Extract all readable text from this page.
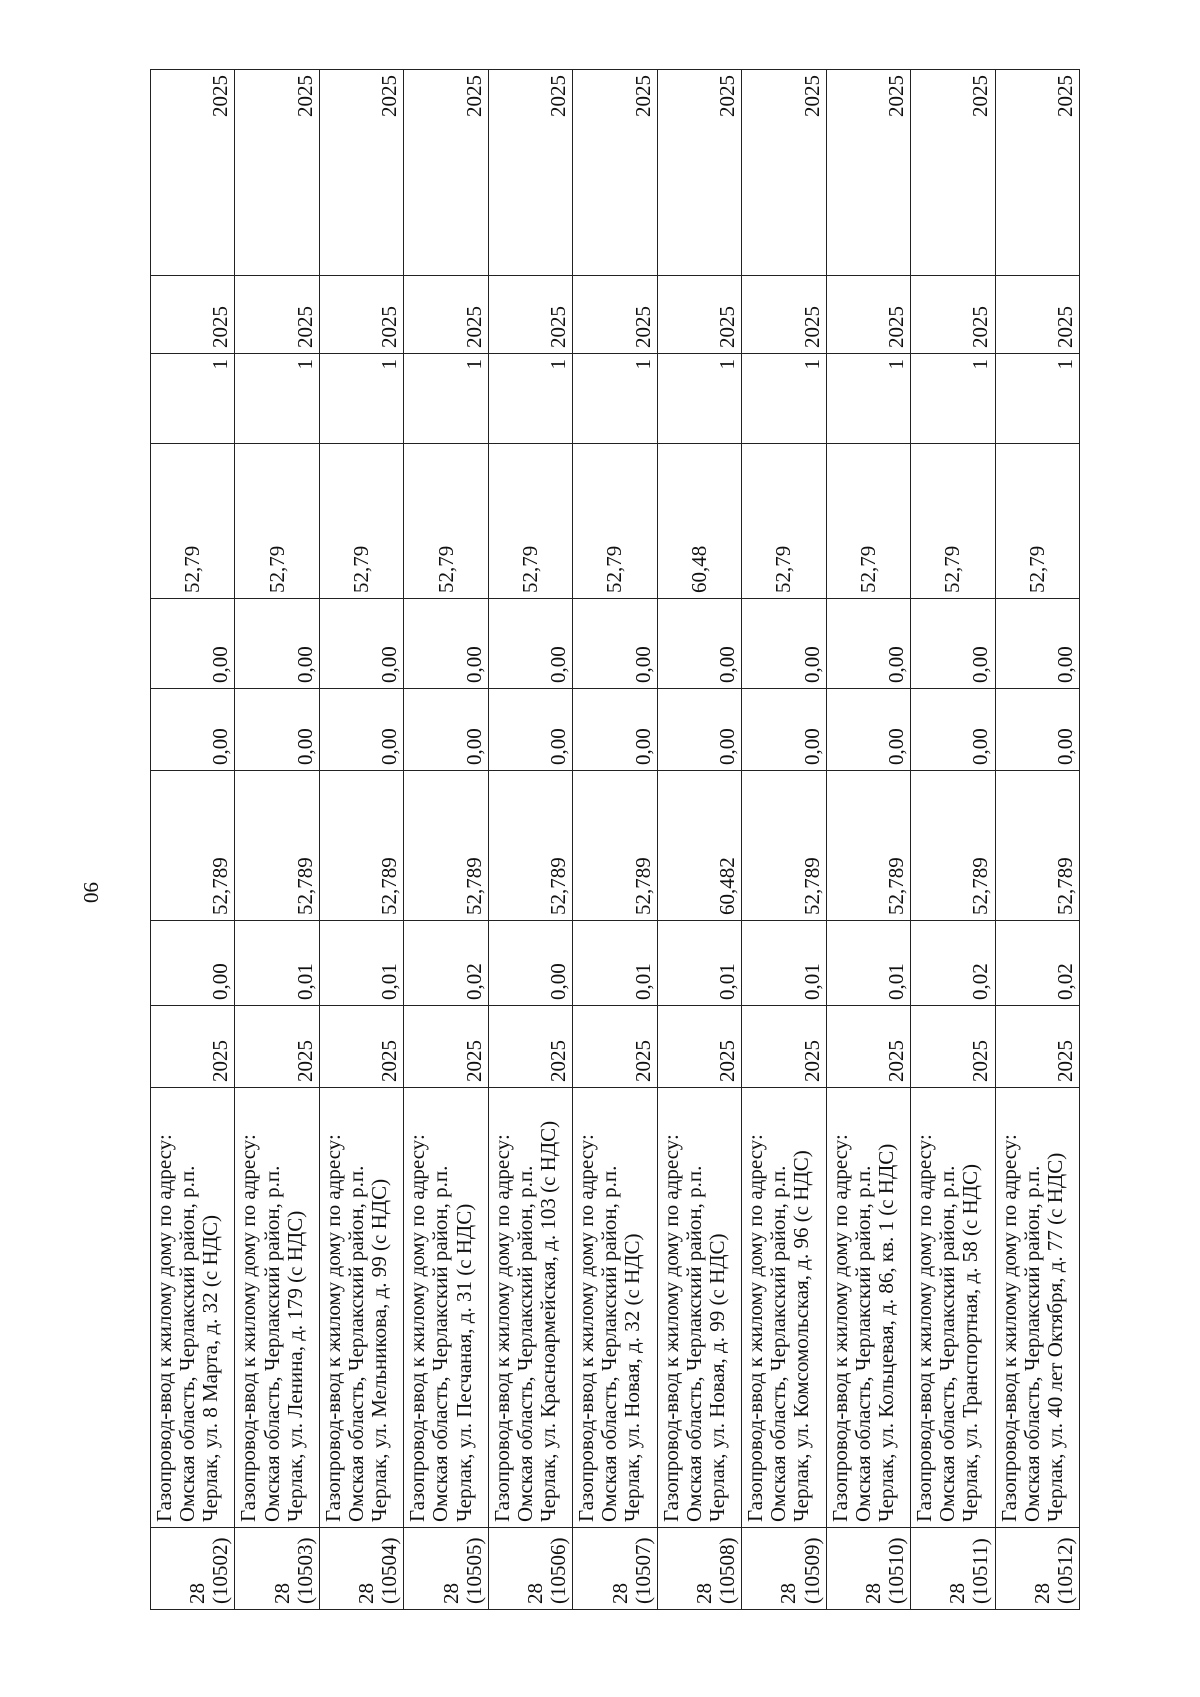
90
28 (10502)	Газопровод-ввод к жилому дому по адресу: Омская область, Черлакский район, р.п. Черлак, ул. 8 Марта, д. 32 (с НДС)	2025	0,00	52,789	0,00	0,00	52,79	1	2025	2025

28 (10503)	Газопровод-ввод к жилому дому по адресу: Омская область, Черлакский район, р.п. Черлак, ул. Ленина, д. 179 (с НДС)	2025	0,01	52,789	0,00	0,00	52,79	1	2025	2025

28 (10504)	Газопровод-ввод к жилому дому по адресу: Омская область, Черлакский район, р.п. Черлак, ул. Мельникова, д. 99 (с НДС)	2025	0,01	52,789	0,00	0,00	52,79	1	2025	2025

28 (10505)	Газопровод-ввод к жилому дому по адресу: Омская область, Черлакский район, р.п. Черлак, ул. Песчаная, д. 31 (с НДС)	2025	0,02	52,789	0,00	0,00	52,79	1	2025	2025

28 (10506)	Газопровод-ввод к жилому дому по адресу: Омская область, Черлакский район, р.п. Черлак, ул. Красноармейская, д. 103 (с НДС)	2025	0,00	52,789	0,00	0,00	52,79	1	2025	2025

28 (10507)	Газопровод-ввод к жилому дому по адресу: Омская область, Черлакский район, р.п. Черлак, ул. Новая, д. 32 (с НДС)	2025	0,01	52,789	0,00	0,00	52,79	1	2025	2025

28 (10508)	Газопровод-ввод к жилому дому по адресу: Омская область, Черлакский район, р.п. Черлак, ул. Новая, д. 99 (с НДС)	2025	0,01	60,482	0,00	0,00	60,48	1	2025	2025

28 (10509)	Газопровод-ввод к жилому дому по адресу: Омская область, Черлакский район, р.п. Черлак, ул. Комсомольская, д. 96 (с НДС)	2025	0,01	52,789	0,00	0,00	52,79	1	2025	2025

28 (10510)	Газопровод-ввод к жилому дому по адресу: Омская область, Черлакский район, р.п. Черлак, ул. Кольцевая, д. 86, кв. 1 (с НДС)	2025	0,01	52,789	0,00	0,00	52,79	1	2025	2025

28 (10511)	Газопровод-ввод к жилому дому по адресу: Омская область, Черлакский район, р.п. Черлак, ул. Транспортная, д. 58 (с НДС)	2025	0,02	52,789	0,00	0,00	52,79	1	2025	2025

28 (10512)	Газопровод-ввод к жилому дому по адресу: Омская область, Черлакский район, р.п. Черлак, ул. 40 лет Октября, д. 77 (с НДС)	2025	0,02	52,789	0,00	0,00	52,79	1	2025	2025
